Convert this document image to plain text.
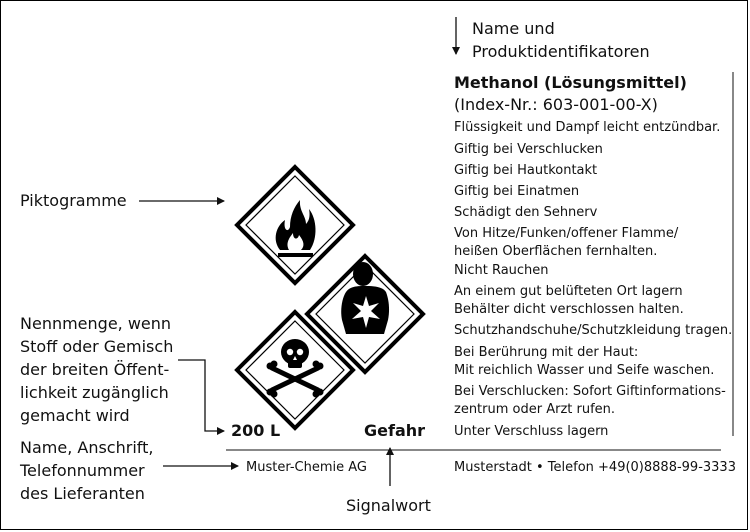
Name und
Produktidentifikatoren
Piktogramme
Nennmenge, wenn
Stoff oder Gemisch
der breiten Öffent-
lichkeit zugänglich
gemacht wird
Name, Anschrift,
Telefonnummer
des Lieferanten
Signalwort
Methanol (Lösungsmittel)
(Index-Nr.: 603-001-00-X)
Flüssigkeit und Dampf leicht entzündbar.
Giftig bei Verschlucken
Giftig bei Hautkontakt
Giftig bei Einatmen
Schädigt den Sehnerv
Von Hitze/Funken/offener Flamme/
heißen Oberflächen fernhalten.
Nicht Rauchen
An einem gut belüfteten Ort lagern
Behälter dicht verschlossen halten.
Schutzhandschuhe/Schutzkleidung tragen.
Bei Berührung mit der Haut:
Mit reichlich Wasser und Seife waschen.
Bei Verschlucken: Sofort Giftinformations-
zentrum oder Arzt rufen.
Unter Verschluss lagern
200 L	Gefahr
Muster-Chemie AG	Musterstadt • Telefon +49(0)8888-99-3333
